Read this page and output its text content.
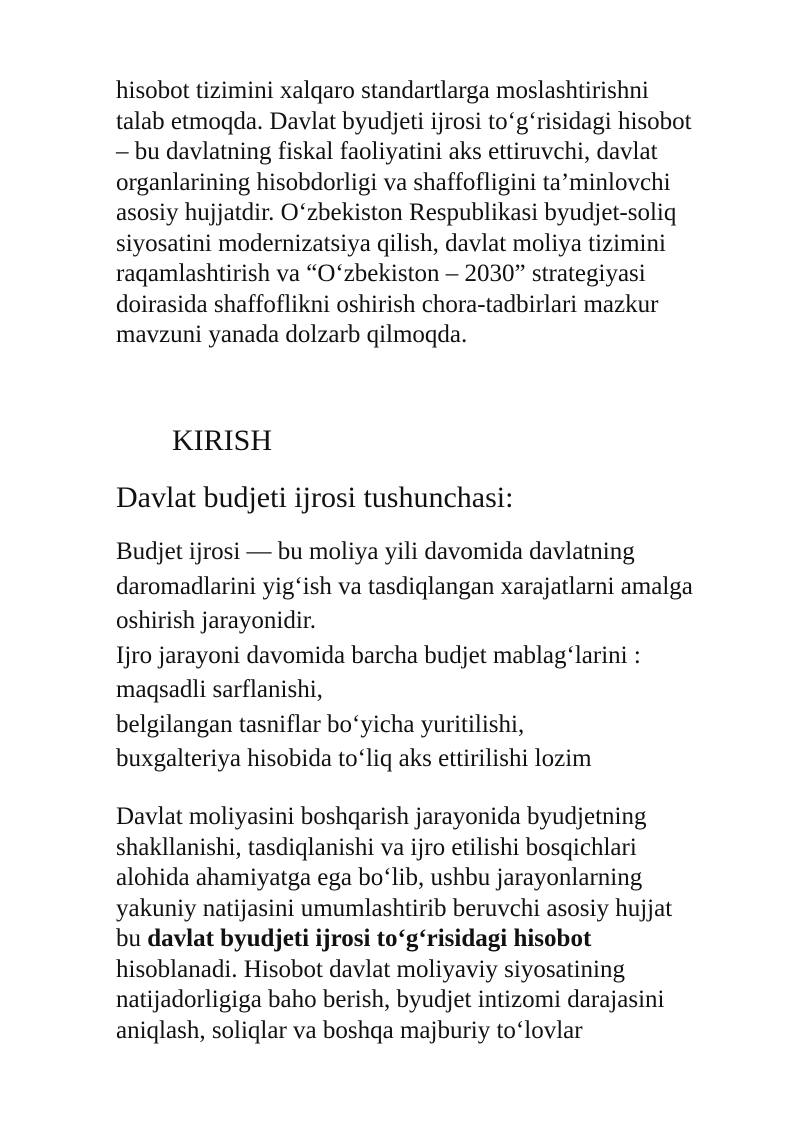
hisobot tizimini xalqaro standartlarga moslashtirishni
talab etmoqda. Davlat byudjeti ijrosi to‘g‘risidagi hisobot
– bu davlatning fiskal faoliyatini aks ettiruvchi, davlat
organlarining hisobdorligi va shaffofligini ta’minlovchi
asosiy hujjatdir. O‘zbekiston Respublikasi byudjet-soliq
siyosatini modernizatsiya qilish, davlat moliya tizimini
raqamlashtirish va “O‘zbekiston – 2030” strategiyasi
doirasida shaffoflikni oshirish chora-tadbirlari mazkur
mavzuni yanada dolzarb qilmoqda.

KIRISH
Davlat budjeti ijrosi tushunchasi:

Budjet ijrosi — bu moliya yili davomida davlatning
daromadlarini yig‘ish va tasdiqlangan xarajatlarni amalga
oshirish jarayonidir.
Ijro jarayoni davomida barcha budjet mablag‘larini :
maqsadli sarflanishi,
belgilangan tasniflar bo‘yicha yuritilishi,
buxgalteriya hisobida to‘liq aks ettirilishi lozim

Davlat moliyasini boshqarish jarayonida byudjetning
shakllanishi, tasdiqlanishi va ijro etilishi bosqichlari
alohida ahamiyatga ega bo‘lib, ushbu jarayonlarning
yakuniy natijasini umumlashtirib beruvchi asosiy hujjat
bu davlat byudjeti ijrosi to‘g‘risidagi hisobot
hisoblanadi. Hisobot davlat moliyaviy siyosatining
natijadorligiga baho berish, byudjet intizomi darajasini
aniqlash, soliqlar va boshqa majburiy to‘lovlar
